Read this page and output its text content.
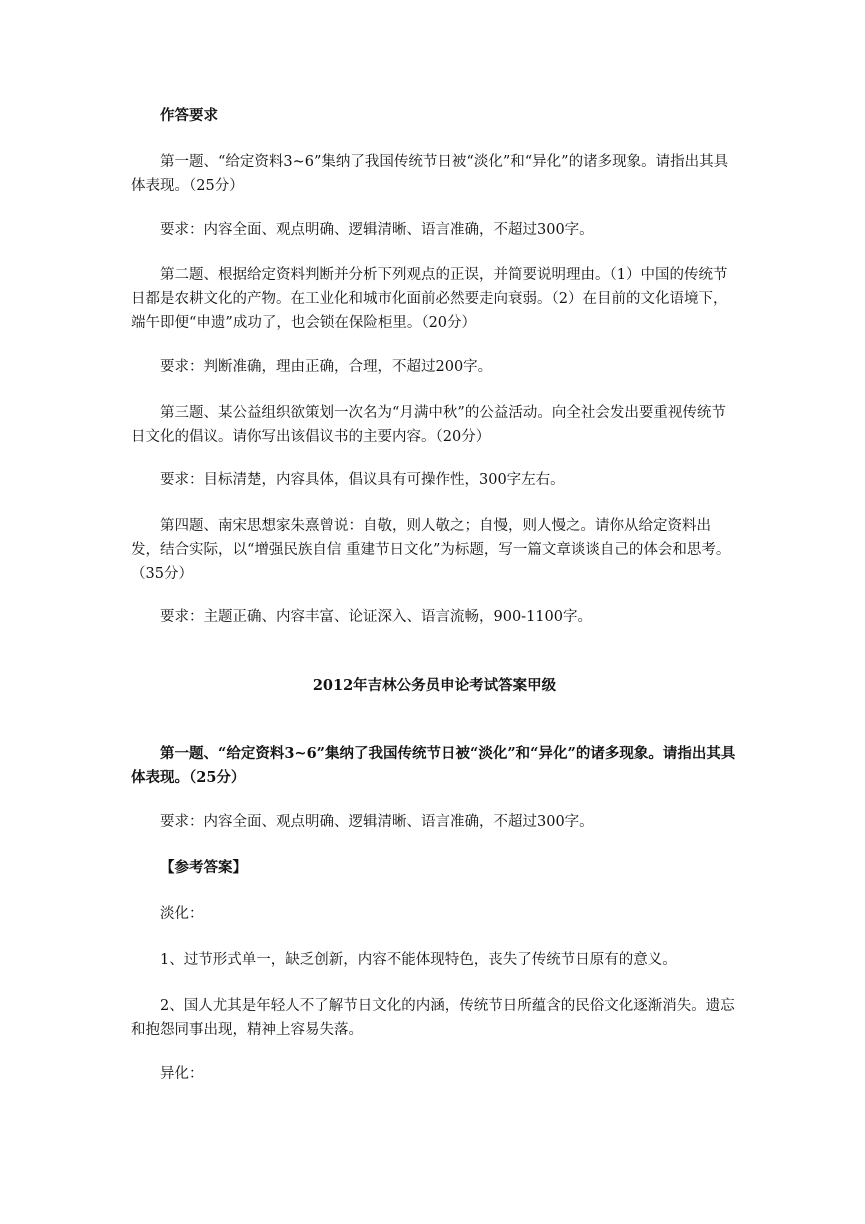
作答要求

第一题、“给定资料3~6”集纳了我国传统节日被“淡化”和“异化”的诸多现象。请指出其具体表现。（25分）

要求：内容全面、观点明确、逻辑清晰、语言准确，不超过300字。

第二题、根据给定资料判断并分析下列观点的正误，并简要说明理由。（1）中国的传统节日都是农耕文化的产物。在工业化和城市化面前必然要走向衰弱。（2）在目前的文化语境下，端午即便“申遗”成功了，也会锁在保险柜里。（20分）

要求：判断准确，理由正确，合理，不超过200字。

第三题、某公益组织欲策划一次名为“月满中秋”的公益活动。向全社会发出要重视传统节日文化的倡议。请你写出该倡议书的主要内容。（20分）

要求：目标清楚，内容具体，倡议具有可操作性，300字左右。

第四题、南宋思想家朱熹曾说：自敬，则人敬之；自慢，则人慢之。请你从给定资料出发，结合实际，以“增强民族自信 重建节日文化”为标题，写一篇文章谈谈自己的体会和思考。（35分）

要求：主题正确、内容丰富、论证深入、语言流畅，900-1100字。

2012年吉林公务员申论考试答案甲级

第一题、“给定资料3~6”集纳了我国传统节日被“淡化”和“异化”的诸多现象。请指出其具体表现。（25分）

要求：内容全面、观点明确、逻辑清晰、语言准确，不超过300字。

【参考答案】

淡化：

1、过节形式单一，缺乏创新，内容不能体现特色，丧失了传统节日原有的意义。

2、国人尤其是年轻人不了解节日文化的内涵，传统节日所蕴含的民俗文化逐渐消失。遗忘和抱怨同事出现，精神上容易失落。

异化：
